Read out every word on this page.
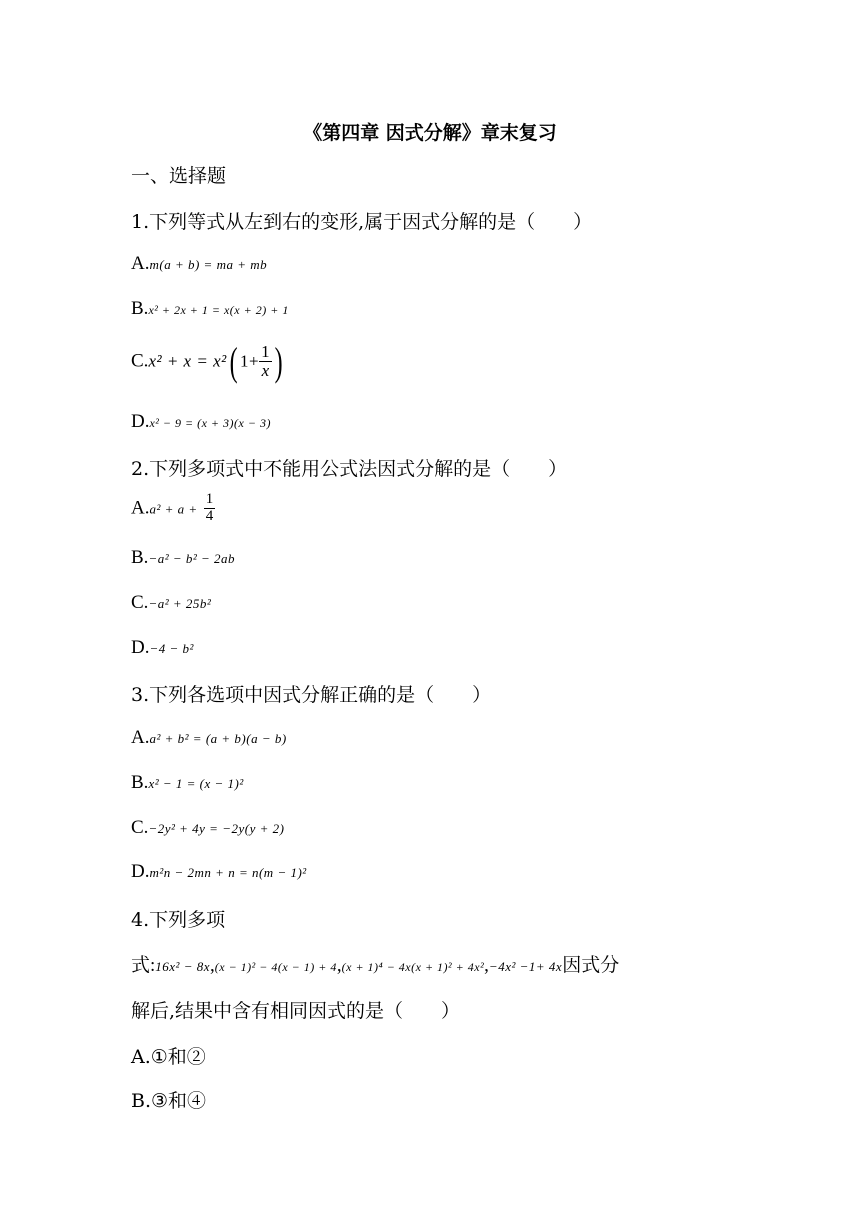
《第四章 因式分解》章末复习
一、选择题
1.下列等式从左到右的变形,属于因式分解的是（　　）
A.m(a + b) = ma + mb
B.x² + 2x + 1 = x(x + 2) + 1
C.x² + x = x²( $1+ \frac{1}{x}$ )
D.x² − 9 = (x + 3)(x − 3)
2.下列多项式中不能用公式法因式分解的是（　　）
$A.a^2 + a + \frac{1}{4}$
B.−a² − b² − 2ab
C.−a² + 25b²
D.−4 − b²
3.下列各选项中因式分解正确的是（　　）
A.a² + b² = (a + b)(a − b)
B.x² − 1 = (x − 1)²
C.−2y² + 4y = −2y(y + 2)
D.m²n − 2mn + n = n(m − 1)²
4.下列多项
式:16x² − 8x,(x − 1)² − 4(x − 1) + 4,(x + 1)⁴ − 4x(x + 1)² + 4x²,−4x² −1+ 4x因式分
解后,结果中含有相同因式的是（　　）
A.①和②
B.③和④
